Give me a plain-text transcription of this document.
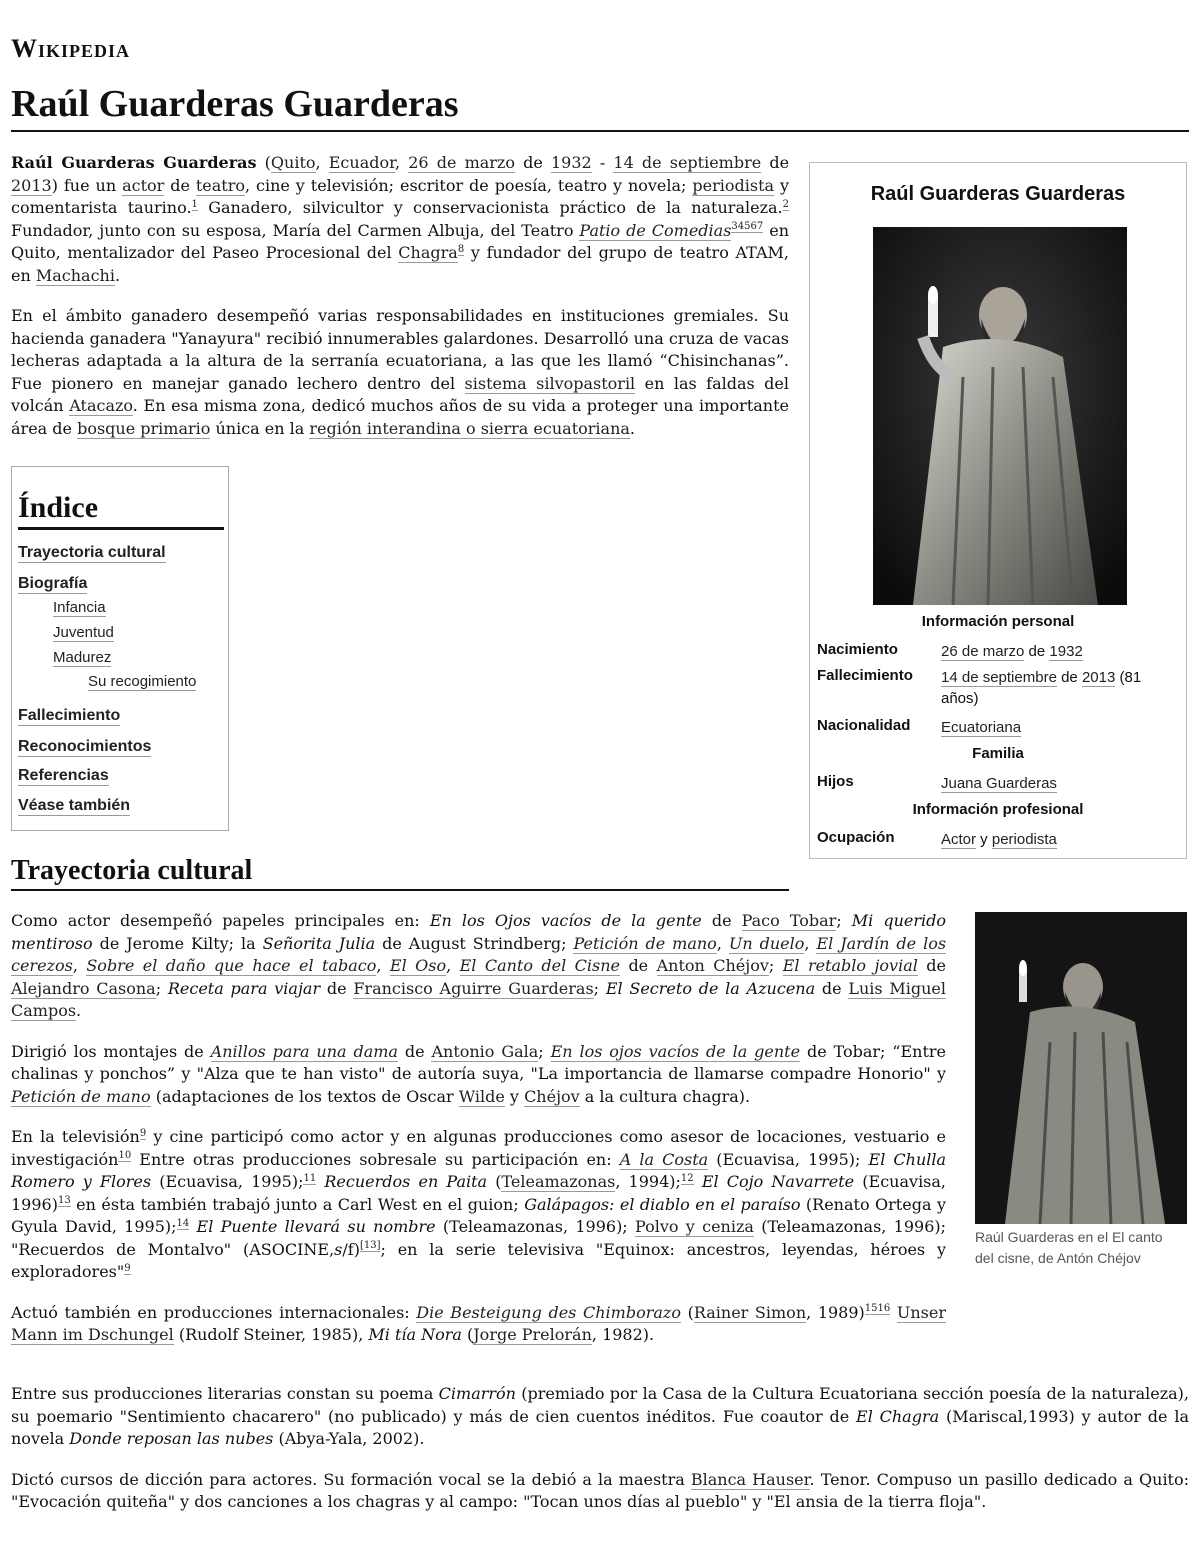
Wikipedia
Raúl Guarderas Guarderas

Raúl Guarderas Guarderas (Quito, Ecuador, 26 de marzo de 1932 - 14 de septiembre de 2013) fue un actor de teatro, cine y televisión; escritor de poesía, teatro y novela; periodista y comentarista taurino.$^1$ Ganadero, silvicultor y conservacionista práctico de la naturaleza.$^2$ Fundador, junto con su esposa, María del Carmen Albuja, del Teatro Patio de Comedias$^{34567}$ en Quito, mentalizador del Paseo Procesional del Chagra$^8$ y fundador del grupo de teatro ATAM, en Machachi.

En el ámbito ganadero desempeñó varias responsabilidades en instituciones gremiales. Su hacienda ganadera "Yanayura" recibió innumerables galardones. Desarrolló una cruza de vacas lecheras adaptada a la altura de la serranía ecuatoriana, a las que les llamó “Chisinchanas”. Fue pionero en manejar ganado lechero dentro del sistema silvopastoril en las faldas del volcán Atacazo. En esa misma zona, dedicó muchos años de su vida a proteger una importante área de bosque primario única en la región interandina o sierra ecuatoriana.

Raúl Guarderas Guarderas
Información personal
Nacimiento	26 de marzo de 1932
Fallecimiento 14 de septiembre de 2013 (81 años)
Nacionalidad Ecuatoriana
Familia
Hijos	Juana Guarderas
Información profesional
Ocupación	Actor y periodista
Índice
Trayectoria cultural
Biografía
Infancia
Juventud
Madurez
Su recogimiento
Fallecimiento
Reconocimientos
Referencias
Véase también
Trayectoria cultural

Como actor desempeñó papeles principales en: En los Ojos vacíos de la gente de Paco Tobar; Mi querido mentiroso de Jerome Kilty; la Señorita Julia de August Strindberg; Petición de mano, Un duelo, El Jardín de los cerezos, Sobre el daño que hace el tabaco, El Oso, El Canto del Cisne de Anton Chéjov; El retablo jovial de Alejandro Casona; Receta para viajar de Francisco Aguirre Guarderas; El Secreto de la Azucena de Luis Miguel Campos.

Dirigió los montajes de Anillos para una dama de Antonio Gala; En los ojos vacíos de la gente de Tobar; “Entre chalinas y ponchos” y "Alza que te han visto" de autoría suya, "La importancia de llamarse compadre Honorio" y Petición de mano (adaptaciones de los textos de Oscar Wilde y Chéjov a la cultura chagra).

En la televisión$^9$ y cine participó como actor y en algunas producciones como asesor de locaciones, vestuario e investigación$^{10}$ Entre otras producciones sobresale su participación en: A la Costa (Ecuavisa, 1995); El Chulla Romero y Flores (Ecuavisa, 1995);$^{11}$ Recuerdos en Paita (Teleamazonas, 1994);$^{12}$ El Cojo Navarrete (Ecuavisa, 1996)$^{13}$ en ésta también trabajó junto a Carl West en el guion; Galápagos: el diablo en el paraíso (Renato Ortega y Gyula David, 1995);$^{14}$ El Puente llevará su nombre (Teleamazonas, 1996); Polvo y ceniza (Teleamazonas, 1996); "Recuerdos de Montalvo" (ASOCINE,s/f)[13]; en la serie televisiva "Equinox: ancestros, leyendas, héroes y exploradores"$^9$

Actuó también en producciones internacionales: Die Besteigung des Chimborazo (Rainer Simon, 1989)$^{1516}$ Unser Mann im Dschungel (Rudolf Steiner, 1985), Mi tía Nora (Jorge Prelorán, 1982).

Raúl Guarderas en el El canto del cisne, de Antón Chéjov

Entre sus producciones literarias constan su poema Cimarrón (premiado por la Casa de la Cultura Ecuatoriana sección poesía de la naturaleza), su poemario "Sentimiento chacarero" (no publicado) y más de cien cuentos inéditos. Fue coautor de El Chagra (Mariscal,1993) y autor de la novela Donde reposan las nubes (Abya-Yala, 2002).

Dictó cursos de dicción para actores. Su formación vocal se la debió a la maestra Blanca Hauser. Tenor. Compuso un pasillo dedicado a Quito: "Evocación quiteña" y dos canciones a los chagras y al campo: "Tocan unos días al pueblo" y "El ansia de la tierra floja".
